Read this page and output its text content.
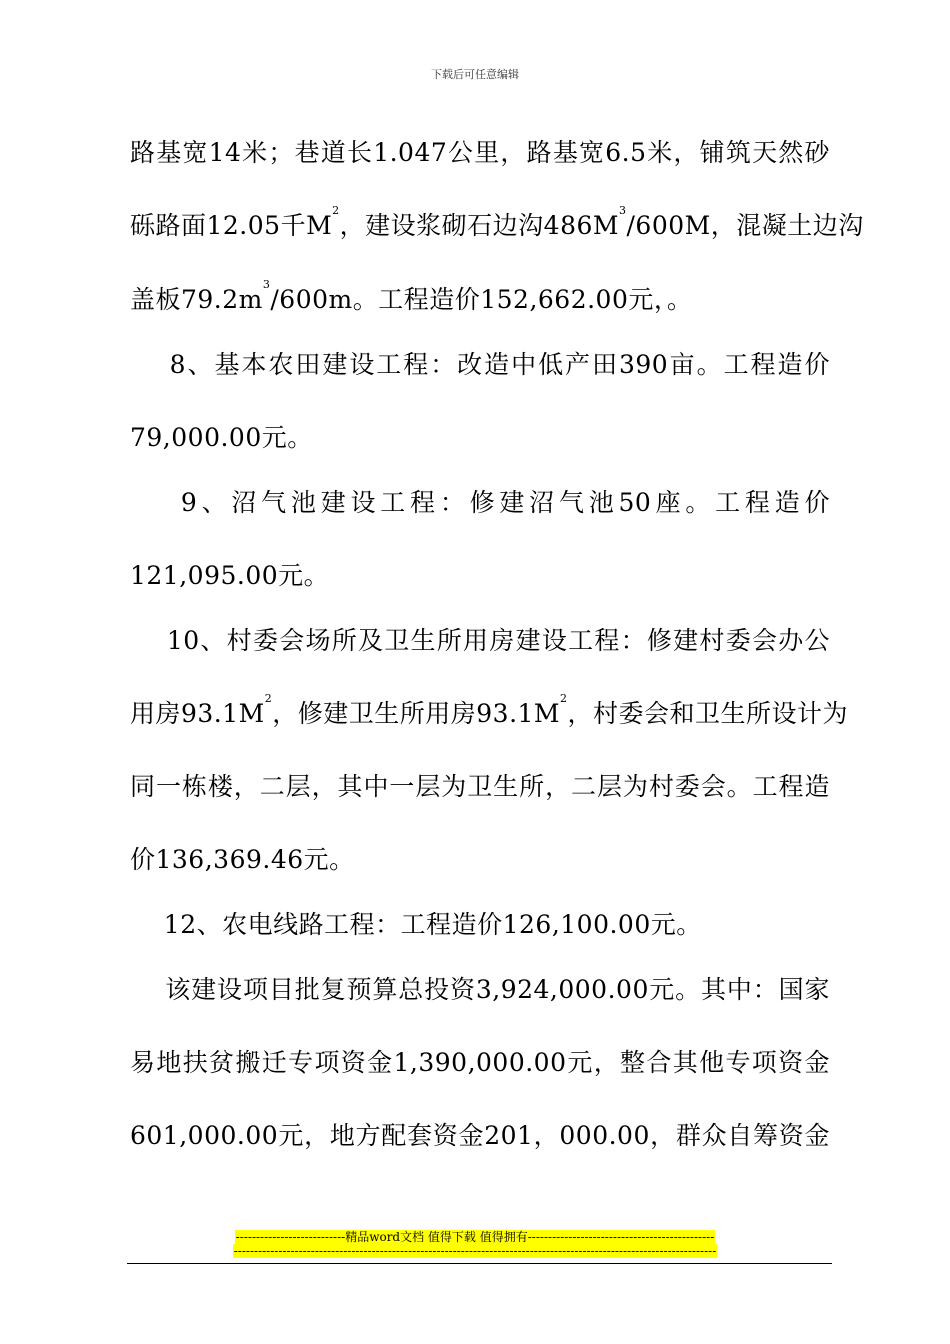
下载后可任意编辑
路基宽14米；巷道长1.047公里，路基宽6.5米，铺筑天然砂
砾路面12.05千$M^2$，建设浆砌石边沟$486M^3/600M$，混凝土边沟
盖板$79.2m^3/600m$。工程造价152,662.00元，。
8、基本农田建设工程：改造中低产田390亩。工程造价
79,000.00元。
9、沼气池建设工程：修建沼气池50座。工程造价
121,095.00元。
10、村委会场所及卫生所用房建设工程：修建村委会办公
用房$93.1M^2$，修建卫生所用房$93.1M^2$，村委会和卫生所设计为
同一栋楼，二层，其中一层为卫生所，二层为村委会。工程造
价136,369.46元。
12、农电线路工程：工程造价126,100.00元。
该建设项目批复预算总投资3,924,000.00元。其中：国家
易地扶贫搬迁专项资金1,390,000.00元，整合其他专项资金
601,000.00元，地方配套资金201，000.00，群众自筹资金
---------------------------精品word文档 值得下载 值得拥有----------------------------------------------
-----------------------------------------------------------------------------------------------------------------------
